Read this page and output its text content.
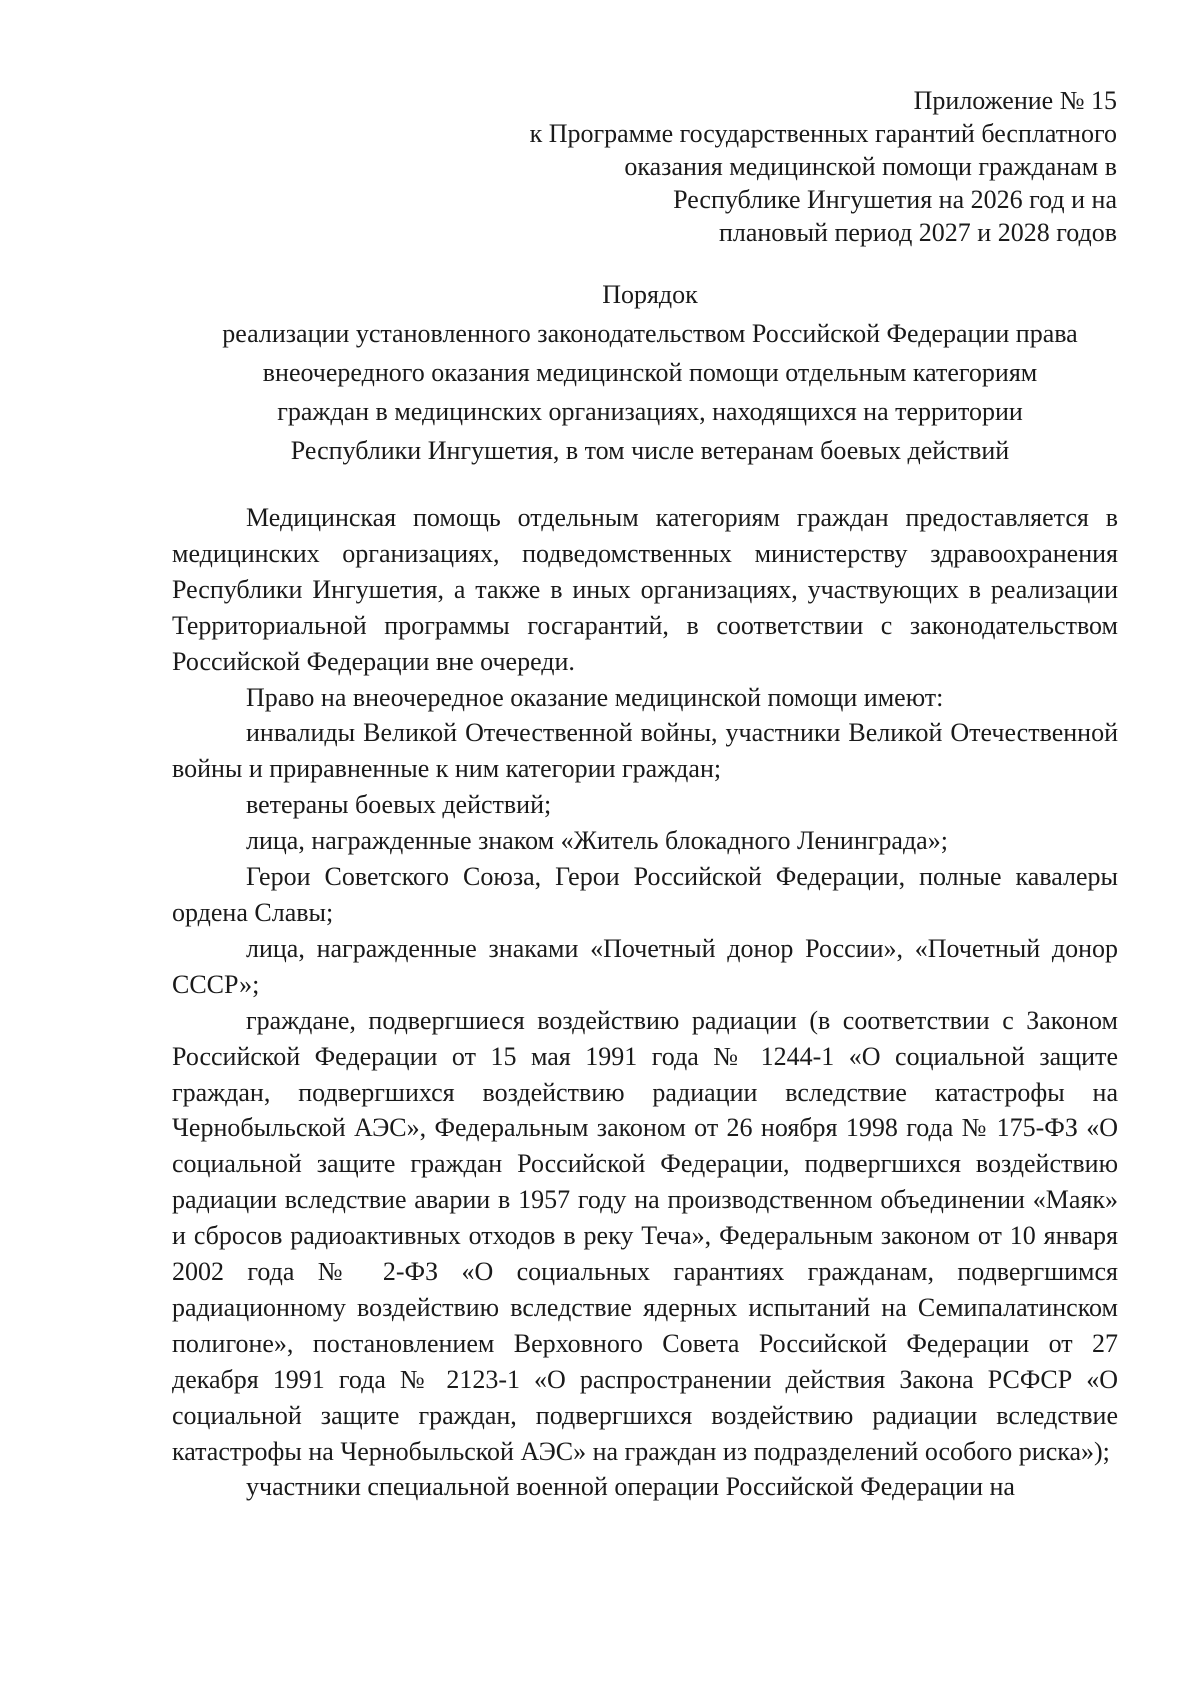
Приложение № 15
к Программе государственных гарантий бесплатного
оказания медицинской помощи гражданам в
Республике Ингушетия на 2026 год и на
плановый период 2027 и 2028 годов
Порядок
реализации установленного законодательством Российской Федерации права
внеочередного оказания медицинской помощи отдельным категориям
граждан в медицинских организациях, находящихся на территории
Республики Ингушетия, в том числе ветеранам боевых действий

Медицинская помощь отдельным категориям граждан предоставляется в медицинских организациях, подведомственных министерству здравоохранения Республики Ингушетия, а также в иных организациях, участвующих в реализации Территориальной программы госгарантий, в соответствии с законодательством Российской Федерации вне очереди.

Право на внеочередное оказание медицинской помощи имеют:

инвалиды Великой Отечественной войны, участники Великой Отечественной войны и приравненные к ним категории граждан;

ветераны боевых действий;

лица, награжденные знаком «Житель блокадного Ленинграда»;

Герои Советского Союза, Герои Российской Федерации, полные кавалеры ордена Славы;

лица, награжденные знаками «Почетный донор России», «Почетный донор СССР»;

граждане, подвергшиеся воздействию радиации (в соответствии с Законом Российской Федерации от 15 мая 1991 года № 1244-1 «О социальной защите граждан, подвергшихся воздействию радиации вследствие катастрофы на Чернобыльской АЭС», Федеральным законом от 26 ноября 1998 года № 175-ФЗ «О социальной защите граждан Российской Федерации, подвергшихся воздействию радиации вследствие аварии в 1957 году на производственном объединении «Маяк» и сбросов радиоактивных отходов в реку Теча», Федеральным законом от 10 января 2002 года № 2-ФЗ «О социальных гарантиях гражданам, подвергшимся радиационному воздействию вследствие ядерных испытаний на Семипалатинском полигоне», постановлением Верховного Совета Российской Федерации от 27 декабря 1991 года № 2123-1 «О распространении действия Закона РСФСР «О социальной защите граждан, подвергшихся воздействию радиации вследствие катастрофы на Чернобыльской АЭС» на граждан из подразделений особого риска»);

участники специальной военной операции Российской Федерации на
